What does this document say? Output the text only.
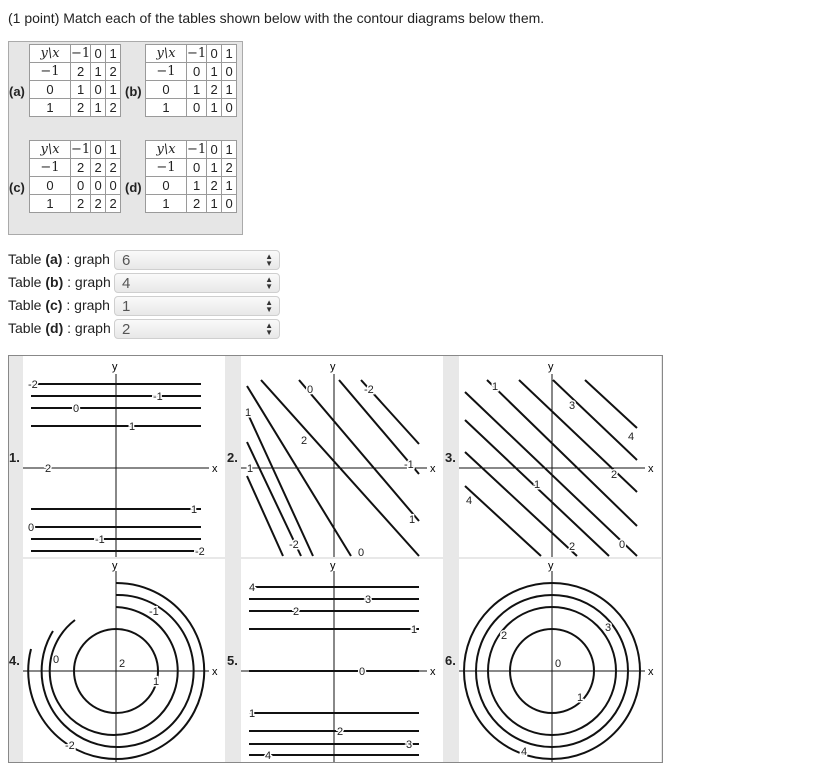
(1 point) Match each of the tables shown below with the contour diagrams below them.
(a)	(b)
(c)	(d)
y\x	−1	0	1
−1	2	1	2
0	1	0	1
1	2	1	2
y\x	−1	0	1
−1	0	1	0
0	1	2	1
1	0	1	0
y\x	−1	0	1
−1	2	2	2
0	0	0	0
1	2	2	2
y\x	−1	0	1
−1	0	1	2
0	1	2	1
1	2	1	0
Table (a) : graph 6	▲
▼
Table (b) : graph 4	▲
▼
Table (c) : graph 1	▲
▼
Table (d) : graph 2	▲
▼
1.	2.	3.
4.	5.	6.
y
x
-2
-1
0
1
2
1
0
-1
-2
y
x
0	-2
1
2
1	-1
1
-2
0
y
x
1
3
4
2
4
1
2	0
y
x
-1
0	2
1
-2
y
x
4
3
2
1
0
1
2
3
4
y
x
2
3
0
1
4
